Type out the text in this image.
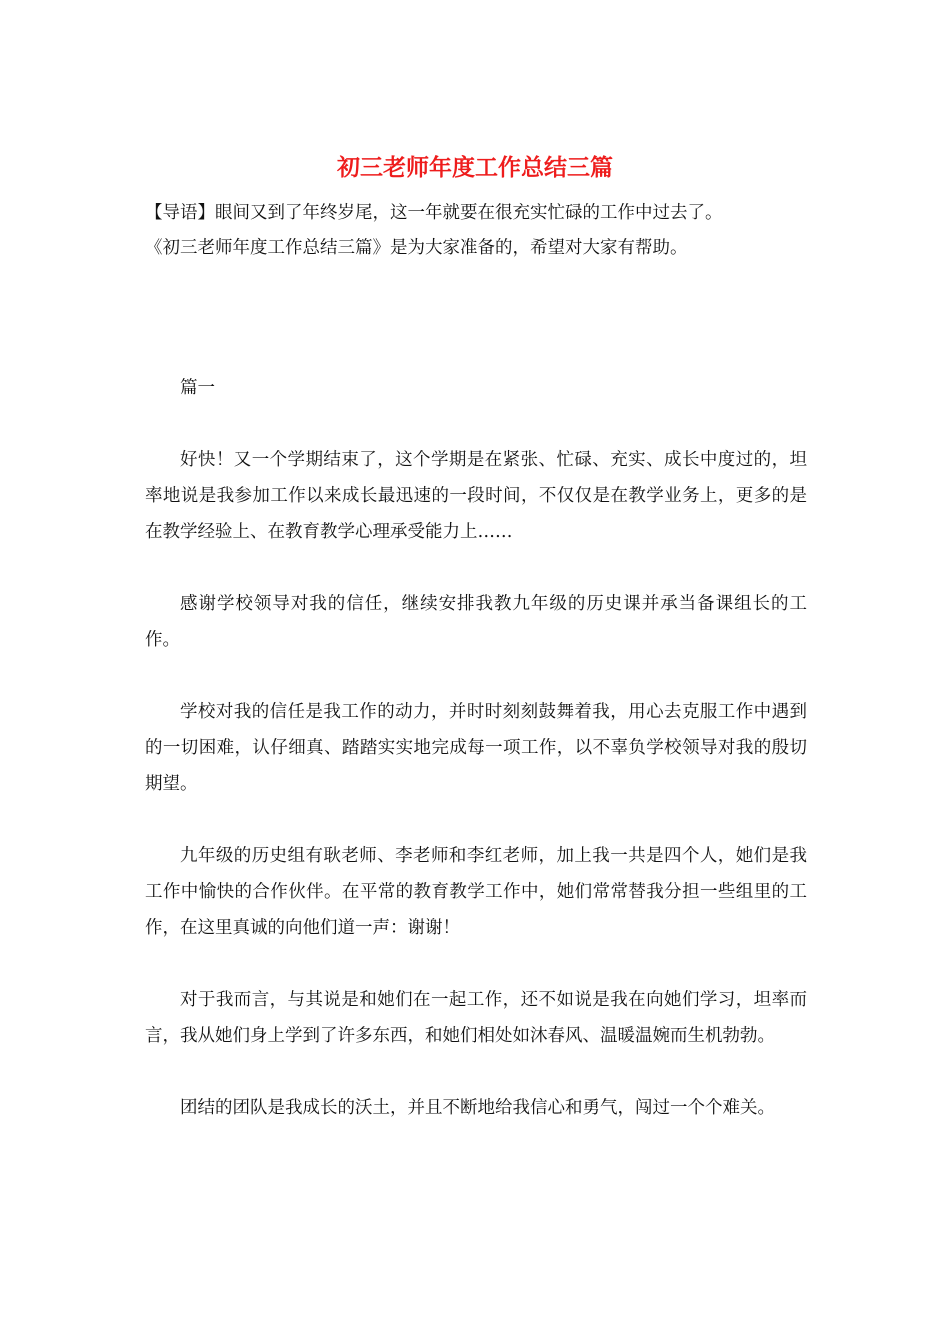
初三老师年度工作总结三篇

【导语】眼间又到了年终岁尾，这一年就要在很充实忙碌的工作中过去了。

《初三老师年度工作总结三篇》是为大家准备的，希望对大家有帮助。

篇一

好快！又一个学期结束了，这个学期是在紧张、忙碌、充实、成长中度过的，坦率地说是我参加工作以来成长最迅速的一段时间，不仅仅是在教学业务上，更多的是在教学经验上、在教育教学心理承受能力上……

感谢学校领导对我的信任，继续安排我教九年级的历史课并承当备课组长的工作。

学校对我的信任是我工作的动力，并时时刻刻鼓舞着我，用心去克服工作中遇到的一切困难，认仔细真、踏踏实实地完成每一项工作，以不辜负学校领导对我的殷切期望。

九年级的历史组有耿老师、李老师和李红老师，加上我一共是四个人，她们是我工作中愉快的合作伙伴。在平常的教育教学工作中，她们常常替我分担一些组里的工作，在这里真诚的向他们道一声：谢谢！

对于我而言，与其说是和她们在一起工作，还不如说是我在向她们学习，坦率而言，我从她们身上学到了许多东西，和她们相处如沐春风、温暖温婉而生机勃勃。

团结的团队是我成长的沃土，并且不断地给我信心和勇气，闯过一个个难关。
